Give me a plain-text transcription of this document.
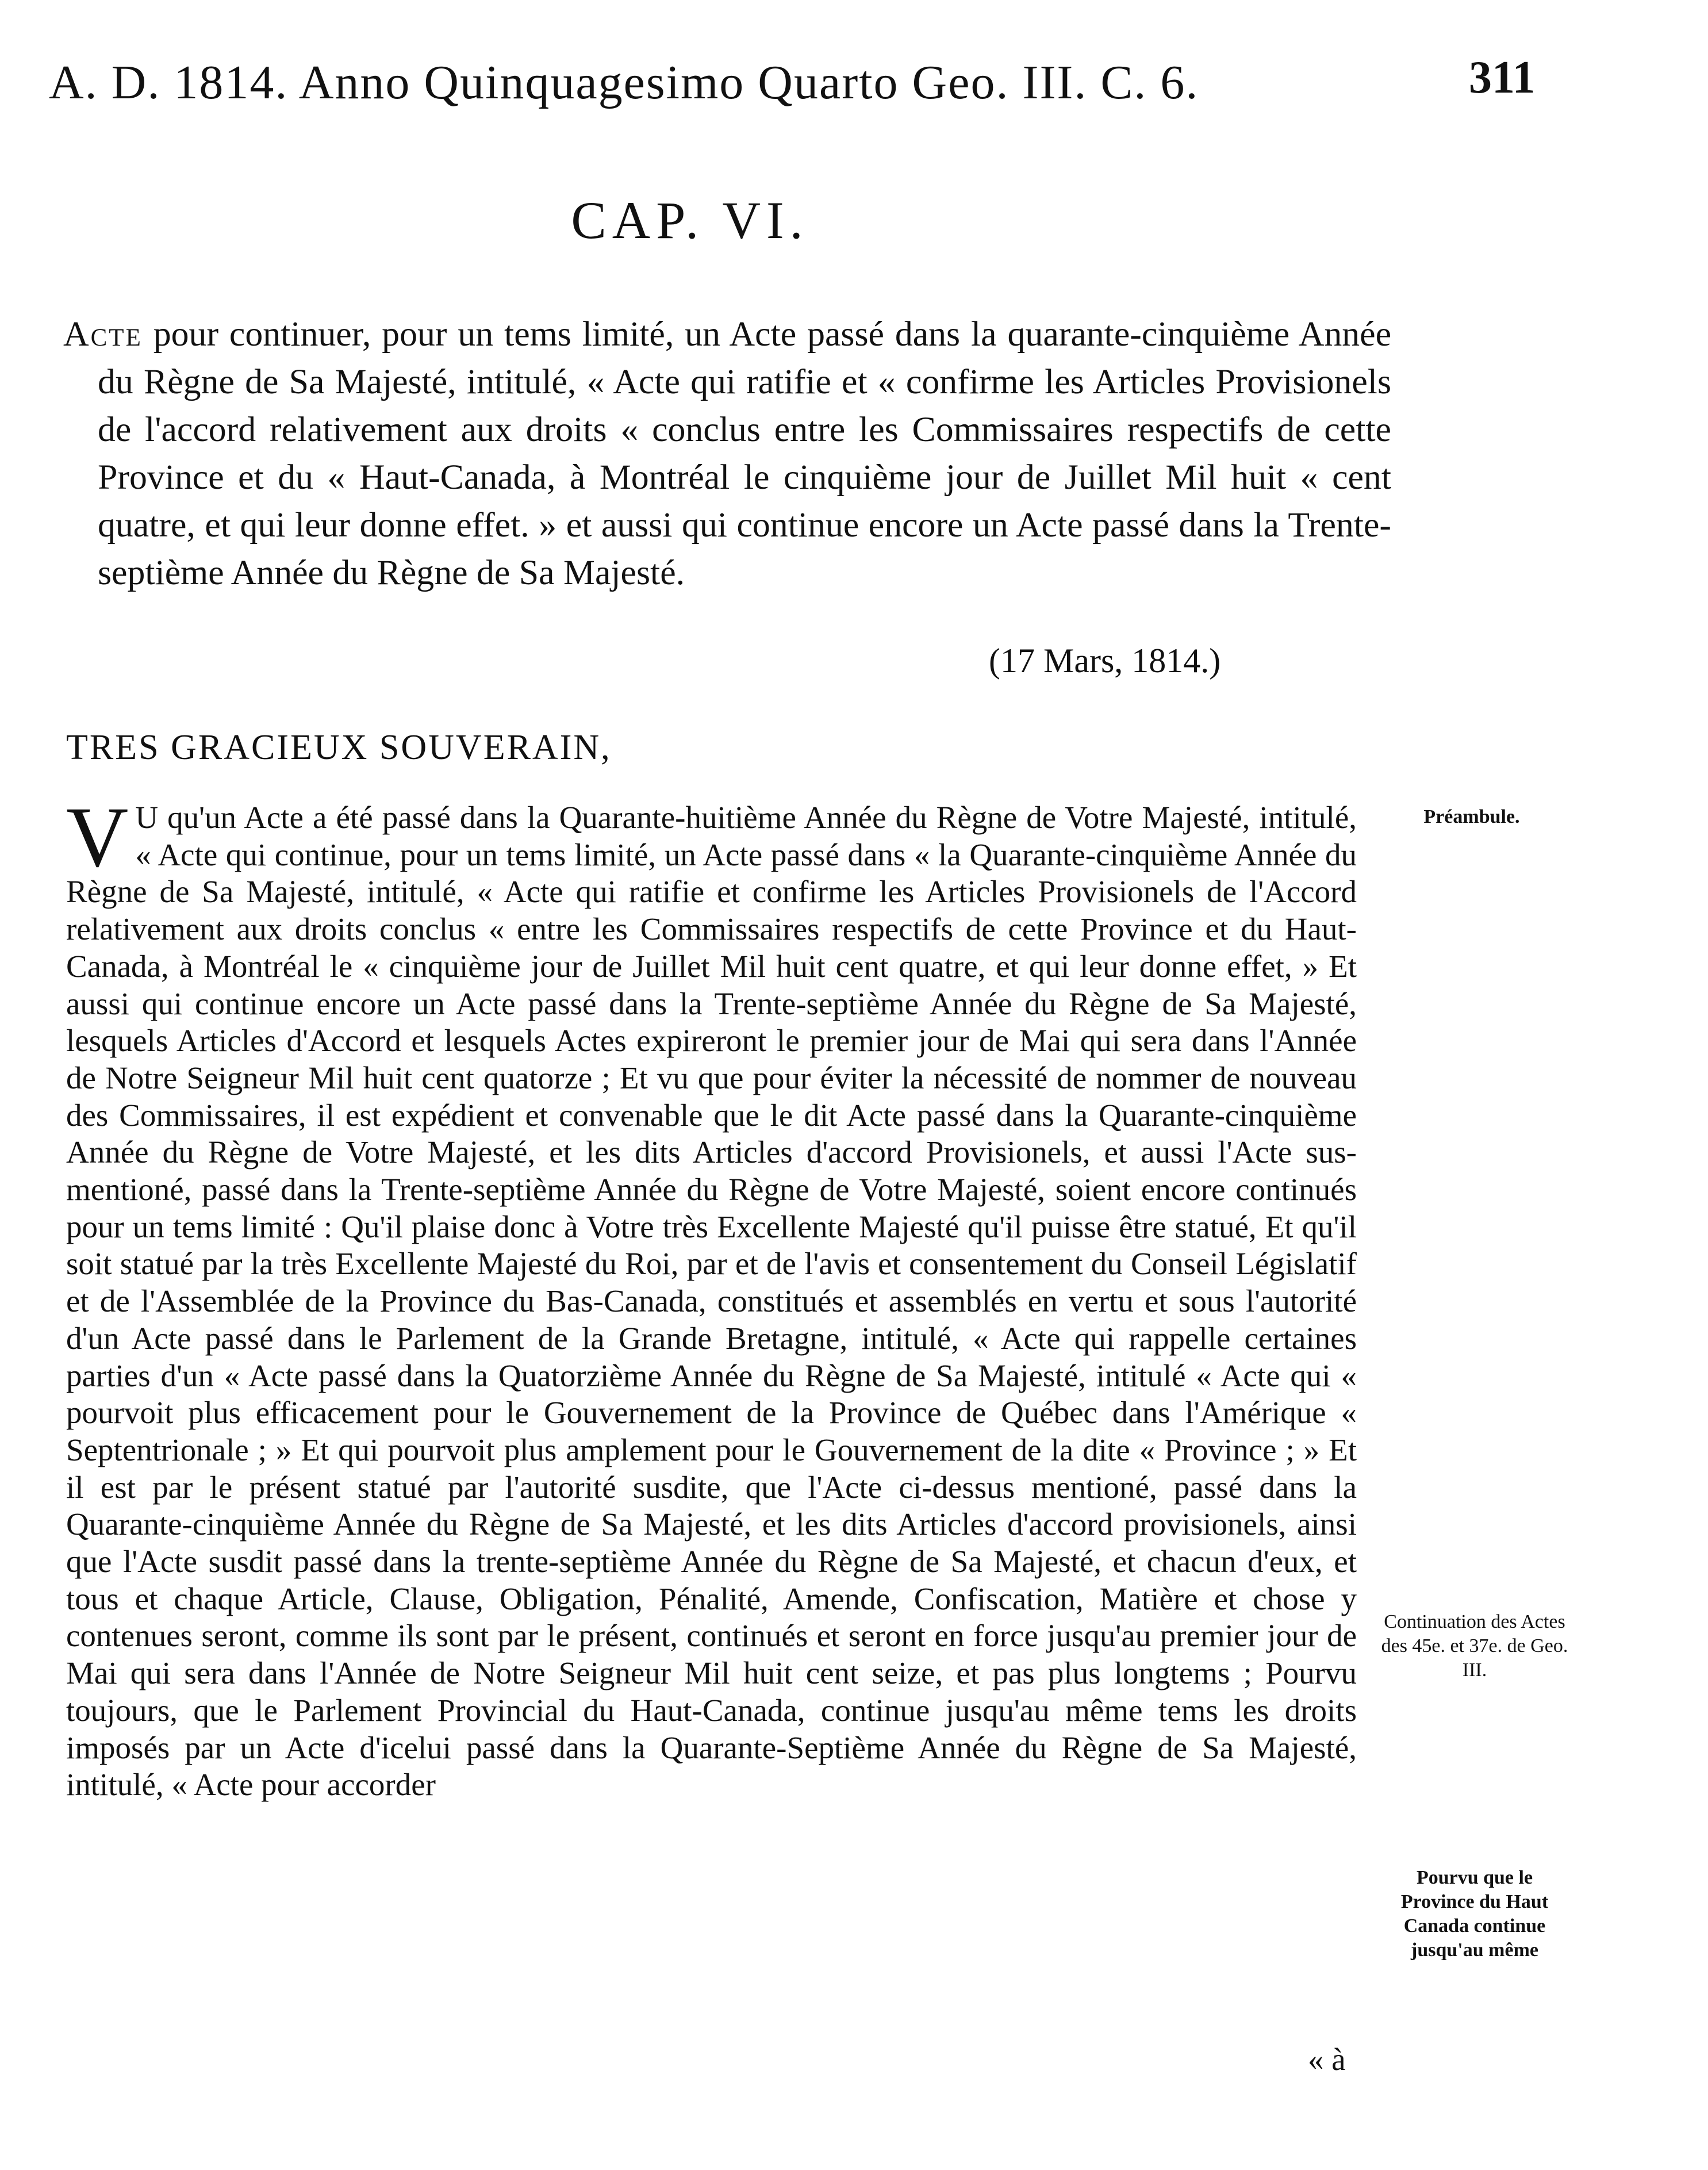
A. D. 1814. Anno Quinquagesimo Quarto Geo. III. C. 6.	311
CAP. VI.
Acte pour continuer, pour un tems limité, un Acte passé dans la quarante-cinquième Année du Règne de Sa Majesté, intitulé, « Acte qui ratifie et « confirme les Articles Provisionels de l'accord relativement aux droits « conclus entre les Commissaires respectifs de cette Province et du « Haut-Canada, à Montréal le cinquième jour de Juillet Mil huit « cent quatre, et qui leur donne effet. » et aussi qui continue encore un Acte passé dans la Trente-septième Année du Règne de Sa Majesté.
(17 Mars, 1814.)
TRES GRACIEUX SOUVERAIN,
V U qu'un Acte a été passé dans la Quarante-huitième Année du Règne de Votre Majesté, intitulé, « Acte qui continue, pour un tems limité, un Acte passé dans « la Quarante-cinquième Année du Règne de Sa Majesté, intitulé, « Acte qui ratifie et confirme les Articles Provisionels de l'Accord relativement aux droits conclus « entre les Commissaires respectifs de cette Province et du Haut-Canada, à Montréal le « cinquième jour de Juillet Mil huit cent quatre, et qui leur donne effet, » Et aussi qui continue encore un Acte passé dans la Trente-septième Année du Règne de Sa Majesté, lesquels Articles d'Accord et lesquels Actes expireront le premier jour de Mai qui sera dans l'Année de Notre Seigneur Mil huit cent quatorze ; Et vu que pour éviter la nécessité de nommer de nouveau des Commissaires, il est expédient et convenable que le dit Acte passé dans la Quarante-cinquième Année du Règne de Votre Majesté, et les dits Articles d'accord Provisionels, et aussi l'Acte sus-mentioné, passé dans la Trente-septième Année du Règne de Votre Majesté, soient encore continués pour un tems limité : Qu'il plaise donc à Votre très Excellente Majesté qu'il puisse être statué, Et qu'il soit statué par la très Excellente Majesté du Roi, par et de l'avis et consentement du Conseil Législatif et de l'Assemblée de la Province du Bas-Canada, constitués et assemblés en vertu et sous l'autorité d'un Acte passé dans le Parlement de la Grande Bretagne, intitulé, « Acte qui rappelle certaines parties d'un « Acte passé dans la Quatorzième Année du Règne de Sa Majesté, intitulé « Acte qui « pourvoit plus efficacement pour le Gouvernement de la Province de Québec dans l'Amérique « Septentrionale ; » Et qui pourvoit plus amplement pour le Gouvernement de la dite « Province ; » Et il est par le présent statué par l'autorité susdite, que l'Acte ci-dessus mentioné, passé dans la Quarante-cinquième Année du Règne de Sa Majesté, et les dits Articles d'accord provisionels, ainsi que l'Acte susdit passé dans la trente-septième Année du Règne de Sa Majesté, et chacun d'eux, et tous et chaque Article, Clause, Obligation, Pénalité, Amende, Confiscation, Matière et chose y contenues seront, comme ils sont par le présent, continués et seront en force jusqu'au premier jour de Mai qui sera dans l'Année de Notre Seigneur Mil huit cent seize, et pas plus longtems ; Pourvu toujours, que le Parlement Provincial du Haut-Canada, continue jusqu'au même tems les droits imposés par un Acte d'icelui passé dans la Quarante-Septième Année du Règne de Sa Majesté, intitulé, « Acte pour accorder
Préambule.
Continuation des Actes des 45e. et 37e. de Geo. III.
Pourvu que le Province du Haut Canada continue jusqu'au même
« à
